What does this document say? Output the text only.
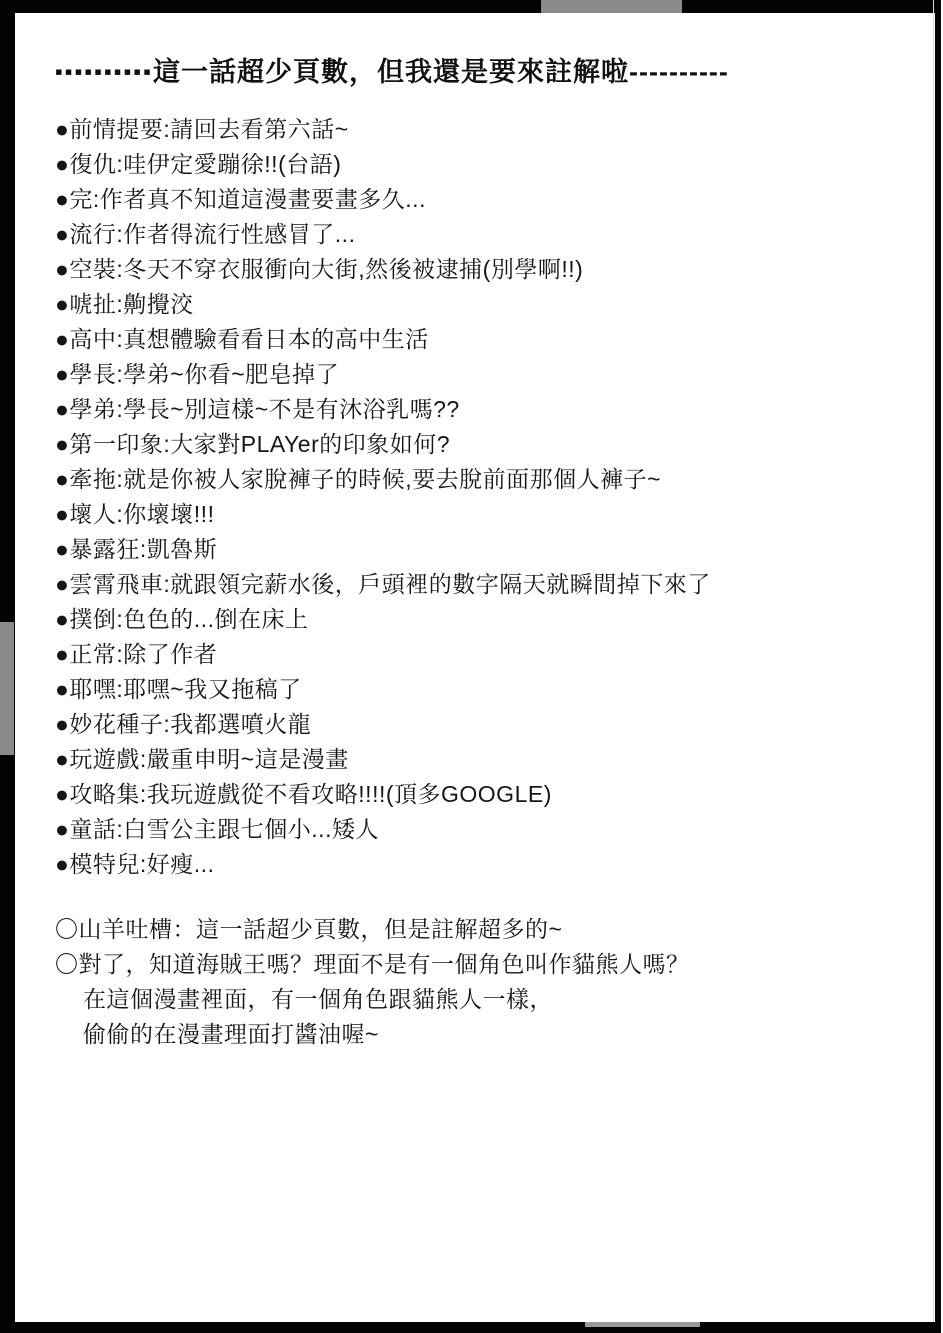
▪▪▪▪▪▪▪▪▪▪這一話超少頁數，但我還是要來註解啦----------
●前情提要:請回去看第六話~
●復仇:哇伊定愛蹦徐!!(台語)
●完:作者真不知道這漫畫要畫多久...
●流行:作者得流行性感冒了...
●空裝:冬天不穿衣服衝向大街,然後被逮捕(別學啊!!)
●唬扯:齁攪洨
●高中:真想體驗看看日本的高中生活
●學長:學弟~你看~肥皂掉了
●學弟:學長~別這樣~不是有沐浴乳嗎??
●第一印象:大家對PLAYer的印象如何?
●牽拖:就是你被人家脫褲子的時候,要去脫前面那個人褲子~
●壞人:你壞壞!!!
●暴露狂:凱魯斯
●雲霄飛車:就跟領完薪水後，戶頭裡的數字隔天就瞬間掉下來了
●撲倒:色色的...倒在床上
●正常:除了作者
●耶嘿:耶嘿~我又拖稿了
●妙花種子:我都選噴火龍
●玩遊戲:嚴重申明~這是漫畫
●攻略集:我玩遊戲從不看攻略!!!!(頂多GOOGLE)
●童話:白雪公主跟七個小...矮人
●模特兒:好瘦...
〇山羊吐槽：這一話超少頁數，但是註解超多的~
〇對了，知道海賊王嗎？理面不是有一個角色叫作貓熊人嗎？
在這個漫畫裡面，有一個角色跟貓熊人一樣，
偷偷的在漫畫理面打醬油喔~
